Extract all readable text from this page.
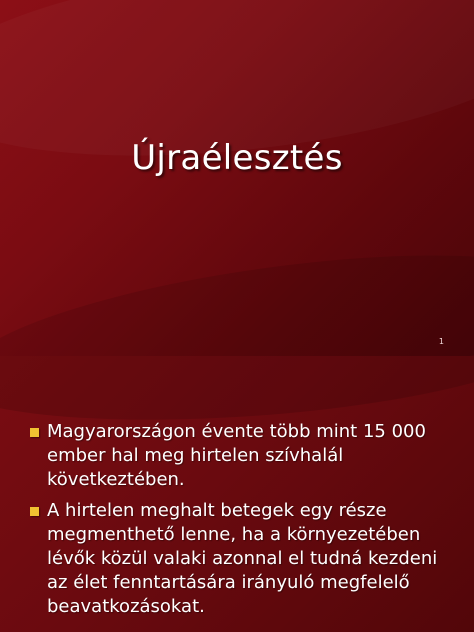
Újraélesztés
1
Magyarországon évente több mint 15 000 ember hal meg hirtelen szívhalál következtében.
A hirtelen meghalt betegek egy része megmenthető lenne, ha a környezetében lévők közül valaki azonnal el tudná kezdeni az élet fenntartására irányuló megfelelő beavatkozásokat.
